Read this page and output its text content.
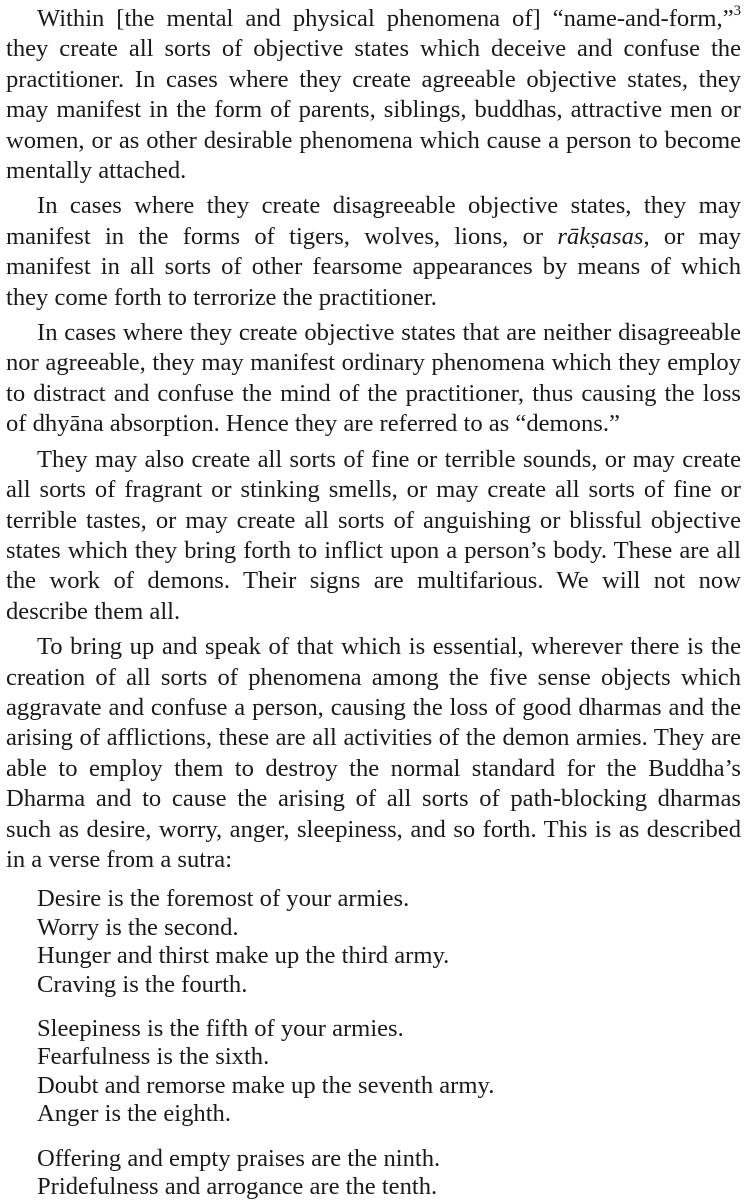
Within [the mental and physical phenomena of] “name-and-form,”$^3$ they create all sorts of objective states which deceive and confuse the practitioner. In cases where they create agreeable objective states, they may manifest in the form of parents, siblings, buddhas, attractive men or women, or as other desirable phenomena which cause a person to become mentally attached.

In cases where they create disagreeable objective states, they may manifest in the forms of tigers, wolves, lions, or rākṣasas, or may manifest in all sorts of other fearsome appearances by means of which they come forth to terrorize the practitioner.

In cases where they create objective states that are neither disagreeable nor agreeable, they may manifest ordinary phenomena which they employ to distract and confuse the mind of the practitioner, thus causing the loss of dhyāna absorption. Hence they are referred to as “demons.”

They may also create all sorts of fine or terrible sounds, or may create all sorts of fragrant or stinking smells, or may create all sorts of fine or terrible tastes, or may create all sorts of anguishing or blissful objective states which they bring forth to inflict upon a person’s body. These are all the work of demons. Their signs are multifarious. We will not now describe them all.

To bring up and speak of that which is essential, wherever there is the creation of all sorts of phenomena among the five sense objects which aggravate and confuse a person, causing the loss of good dharmas and the arising of afflictions, these are all activities of the demon armies. They are able to employ them to destroy the normal standard for the Buddha’s Dharma and to cause the arising of all sorts of path-blocking dharmas such as desire, worry, anger, sleepiness, and so forth. This is as described in a verse from a sutra:

Desire is the foremost of your armies.
Worry is the second.
Hunger and thirst make up the third army.
Craving is the fourth.
Sleepiness is the fifth of your armies.
Fearfulness is the sixth.
Doubt and remorse make up the seventh army.
Anger is the eighth.
Offering and empty praises are the ninth.
Pridefulness and arrogance are the tenth.
